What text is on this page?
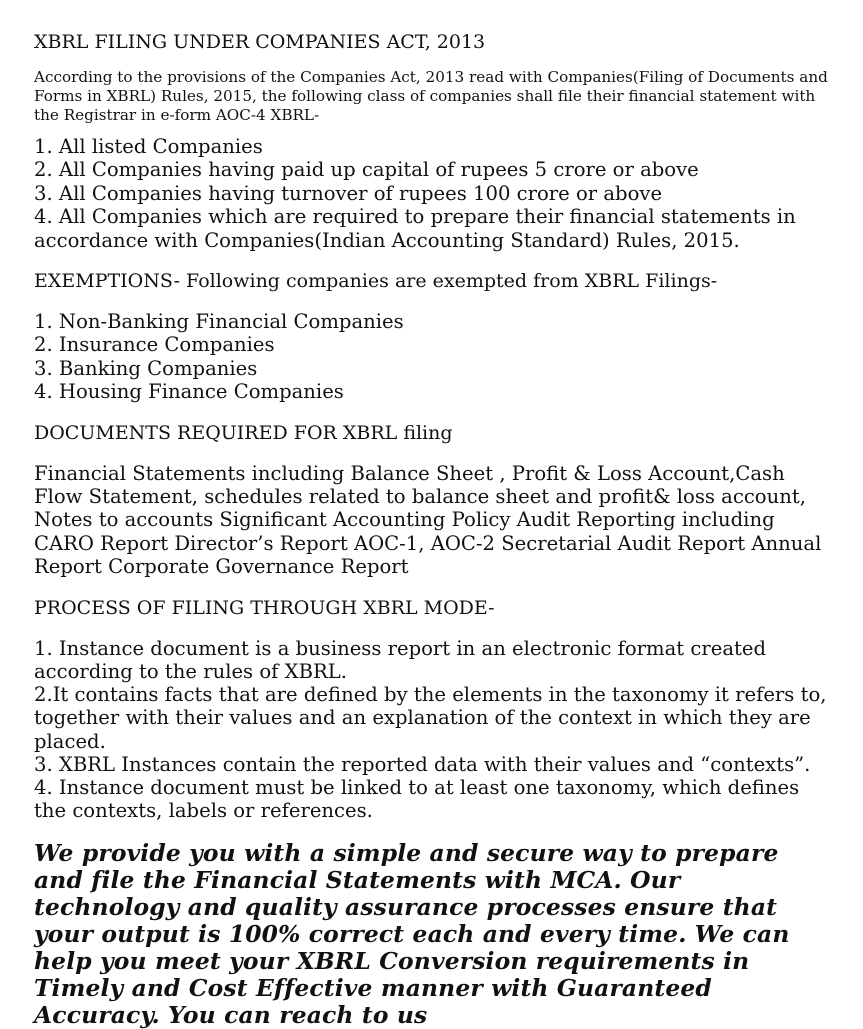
XBRL FILING UNDER COMPANIES ACT, 2013

According to the provisions of the Companies Act, 2013 read with Companies(Filing of Documents and Forms in XBRL) Rules, 2015, the following class of companies shall file their financial statement with the Registrar in e-form AOC-4 XBRL-

1. All listed Companies
2. All Companies having paid up capital of rupees 5 crore or above
3. All Companies having turnover of rupees 100 crore or above
4. All Companies which are required to prepare their financial statements in accordance with Companies(Indian Accounting Standard) Rules, 2015.

EXEMPTIONS- Following companies are exempted from XBRL Filings-

1. Non-Banking Financial Companies
2. Insurance Companies
3. Banking Companies
4. Housing Finance Companies

DOCUMENTS REQUIRED FOR XBRL filing

Financial Statements including Balance Sheet , Profit & Loss Account,Cash Flow Statement, schedules related to balance sheet and profit& loss account, Notes to accounts Significant Accounting Policy Audit Reporting including CARO Report Director’s Report AOC-1, AOC-2 Secretarial Audit Report Annual Report Corporate Governance Report

PROCESS OF FILING THROUGH XBRL MODE-

1. Instance document is a business report in an electronic format created according to the rules of XBRL.
2.It contains facts that are defined by the elements in the taxonomy it refers to, together with their values and an explanation of the context in which they are placed.
3. XBRL Instances contain the reported data with their values and “contexts”.
4. Instance document must be linked to at least one taxonomy, which defines the contexts, labels or references.

We provide you with a simple and secure way to prepare and file the Financial Statements with MCA. Our technology and quality assurance processes ensure that your output is 100% correct each and every time. We can help you meet your XBRL Conversion requirements in Timely and Cost Effective manner with Guaranteed Accuracy. You can reach to us
